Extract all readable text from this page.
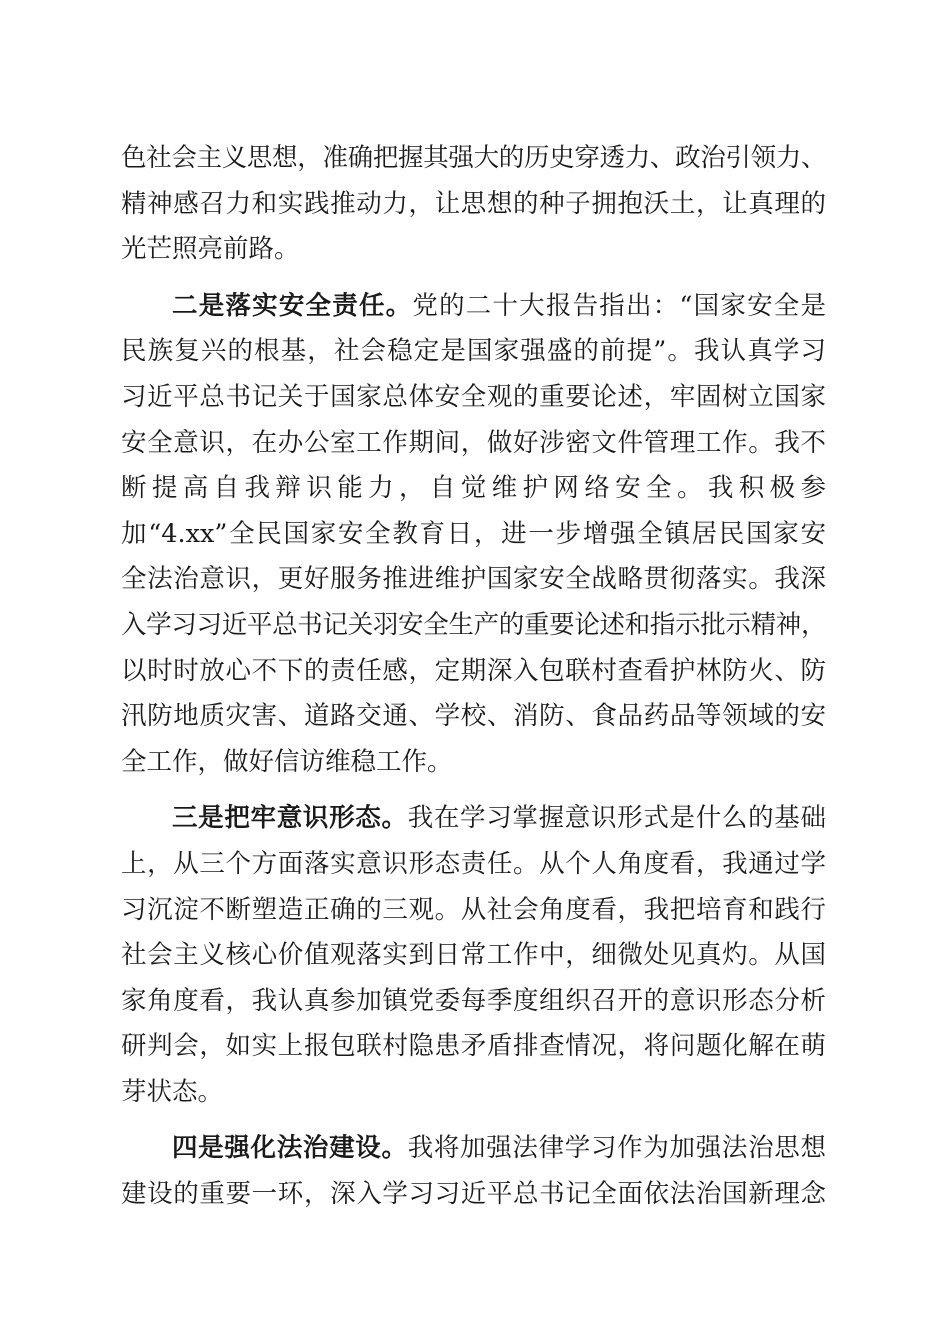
色社会主义思想，准确把握其强大的历史穿透力、政治引领力、
精神感召力和实践推动力，让思想的种子拥抱沃土，让真理的
光芒照亮前路。
二是落实安全责任。党的二十大报告指出：“国家安全是
民族复兴的根基，社会稳定是国家强盛的前提”。我认真学习
习近平总书记关于国家总体安全观的重要论述，牢固树立国家
安全意识，在办公室工作期间，做好涉密文件管理工作。我不
断提高自我辩识能力，自觉维护网络安全。我积极参
加“4.xx”全民国家安全教育日，进一步增强全镇居民国家安
全法治意识，更好服务推进维护国家安全战略贯彻落实。我深
入学习习近平总书记关羽安全生产的重要论述和指示批示精神，
以时时放心不下的责任感，定期深入包联村查看护林防火、防
汛防地质灾害、道路交通、学校、消防、食品药品等领域的安
全工作，做好信访维稳工作。
三是把牢意识形态。我在学习掌握意识形式是什么的基础
上，从三个方面落实意识形态责任。从个人角度看，我通过学
习沉淀不断塑造正确的三观。从社会角度看，我把培育和践行
社会主义核心价值观落实到日常工作中，细微处见真灼。从国
家角度看，我认真参加镇党委每季度组织召开的意识形态分析
研判会，如实上报包联村隐患矛盾排查情况，将问题化解在萌
芽状态。
四是强化法治建设。我将加强法律学习作为加强法治思想
建设的重要一环，深入学习习近平总书记全面依法治国新理念
